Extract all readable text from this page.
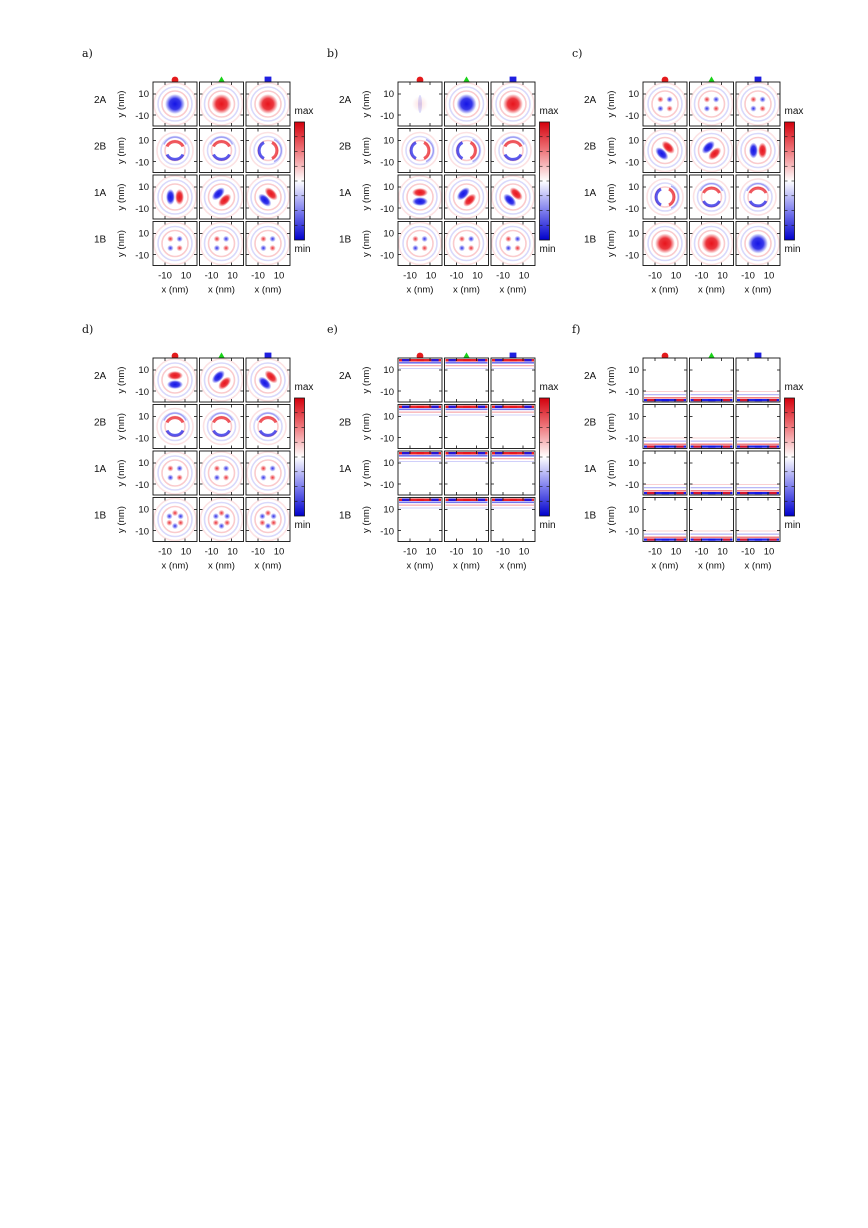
a)
2A
10
-10
y (nm)
2B
10
-10
y (nm)
1A
10
-10
y (nm)
1B
10
-10
y (nm)
-10 10
x (nm)
-10 10
x (nm)
-10 10
x (nm)
max
min
b)
2A
10
-10
y (nm)
2B
10
-10
y (nm)
1A
10
-10
y (nm)
1B
10
-10
y (nm)
-10 10
x (nm)
-10 10
x (nm)
-10 10
x (nm)
max
min
c)
2A
10
-10
y (nm)
2B
10
-10
y (nm)
1A
10
-10
y (nm)
1B
10
-10
y (nm)
-10 10
x (nm)
-10 10
x (nm)
-10 10
x (nm)
max
min
d)
2A
10
-10
y (nm)
2B
10
-10
y (nm)
1A
10
-10
y (nm)
1B
10
-10
y (nm)
-10 10
x (nm)
-10 10
x (nm)
-10 10
x (nm)
max
min
e)
2A
10
-10
y (nm)
2B
10
-10
y (nm)
1A
10
-10
y (nm)
1B
10
-10
y (nm)
-10 10
x (nm)
-10 10
x (nm)
-10 10
x (nm)
max
min
f)
2A
10
-10
y (nm)
2B
10
-10
y (nm)
1A
10
-10
y (nm)
1B
10
-10
y (nm)
-10 10
x (nm)
-10 10
x (nm)
-10 10
x (nm)
max
min
